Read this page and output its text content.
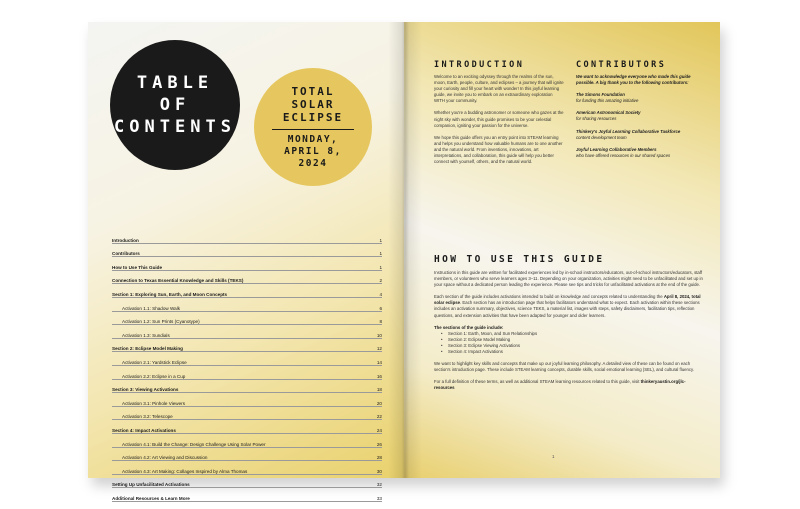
TABLE
OF
CONTENTS
TOTAL
SOLAR
ECLIPSE
MONDAY,
APRIL 8,
2024
Introduction	1
Contributors	1
How to Use This Guide	1
Connection to Texas Essential Knowledge and Skills (TEKS)	2
Section 1: Exploring Sun, Earth, and Moon Concepts	4
Activation 1.1: Shadow Walk	6
Activation 1.2: Sun Prints (Cyanotype)	8
Activation 1.3: Sundials	10
Section 2: Eclipse Model Making	12
Activation 2.1: Yardstick Eclipse	14
Activation 2.2: Eclipse in a Cup	16
Section 3: Viewing Activations	18
Activation 3.1: Pinhole Viewers	20
Activation 3.2: Telescope	22
Section 4: Impact Activations	24
Activation 4.1: Build the Change: Design Challenge Using Solar Power	26
Activation 4.2: Art Viewing and Discussion	28
Activation 4.3: Art Making: Collages Inspired by Alma Thomas	30
Setting Up Unfacilitated Activations	32
Additional Resources & Learn More	33
INTRODUCTION	CONTRIBUTORS

Welcome to an exciting odyssey through the realms of the sun, moon, Earth, people, culture, and eclipses – a journey that will ignite your curiosity and fill your heart with wonder! In this joyful learning guide, we invite you to embark on an extraordinary exploration WITH your community.

Whether you're a budding astronomer or someone who gazes at the night sky with wonder, this guide promises to be your celestial companion, igniting your passion for the universe.

We hope this guide offers you an entry point into STEAM learning and helps you understand how valuable humans are to one another and the natural world. From inventions, innovations, art interpretations, and collaboration, this guide will help you better connect with yourself, others, and the natural world.

We want to acknowledge everyone who made this guide possible. A big thank you to the following contributors:
The Simons Foundation
for funding this amazing initiative
American Astronomical Society
for sharing resources
Thinkery's Joyful Learning Collaborative Taskforce
content development team
Joyful Learning Collaborative Members
who have offered resources in our shared spaces
HOW TO USE THIS GUIDE

Instructions in this guide are written for facilitated experiences led by in-school instructors/educators, out-of-school instructors/educators, staff members, or volunteers who serve learners ages 3–11. Depending on your organization, activities might need to be unfacilitated and set up in your space without a dedicated person leading the experience. Please see tips and tricks for unfacilitated activations at the end of the guide.

Each section of the guide includes activations intended to build on knowledge and concepts related to understanding the April 8, 2024, total solar eclipse. Each section has an introduction page that helps facilitators understand what to expect. Each activation within these sections includes an activation summary, objectives, science TEKS, a material list, images with steps, safety disclaimers, facilitation tips, reflection questions, and extension activities that have been adapted for younger and older learners.

The sections of the guide include:
• Section 1: Earth, Moon, and Sun Relationships
• Section 2: Eclipse Model Making
• Section 3: Eclipse Viewing Activations
• Section 4: Impact Activations

We want to highlight key skills and concepts that make up our joyful learning philosophy. A detailed view of these can be found on each section's introduction page. These include STEAM learning concepts, durable skills, social emotional learning (SEL), and cultural fluency.

For a full definition of these terms, as well as additional STEAM learning resources related to this guide, visit thinkeryaustin.org/jlc-resources

1
